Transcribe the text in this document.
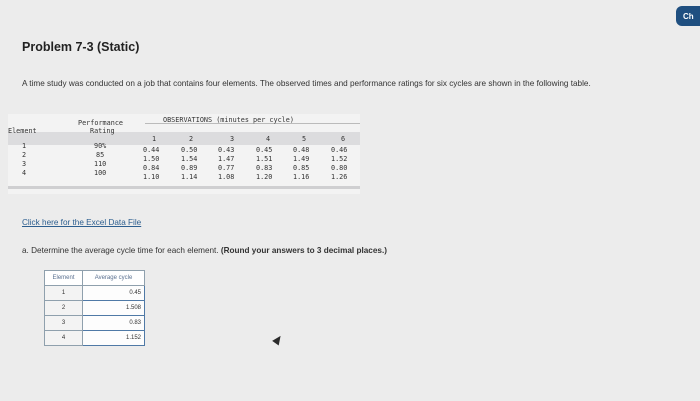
Ch
Problem 7-3 (Static)
A time study was conducted on a job that contains four elements. The observed times and performance ratings for six cycles are shown in the following table.
Performance	OBSERVATIONS (minutes per cycle)
Element	Rating
1	2	3	4	5	6
1	90%	0.44	0.50	0.43	0.45	0.48	0.46
2	85	1.50	1.54	1.47	1.51	1.49	1.52
3	110	0.84	0.89	0.77	0.83	0.85	0.80
4	100	1.10	1.14	1.08	1.20	1.16	1.26
Click here for the Excel Data File
a. Determine the average cycle time for each element. (Round your answers to 3 decimal places.)
Element	Average cycle
1	0.45
2	1.508
3	0.83
4	1.152
